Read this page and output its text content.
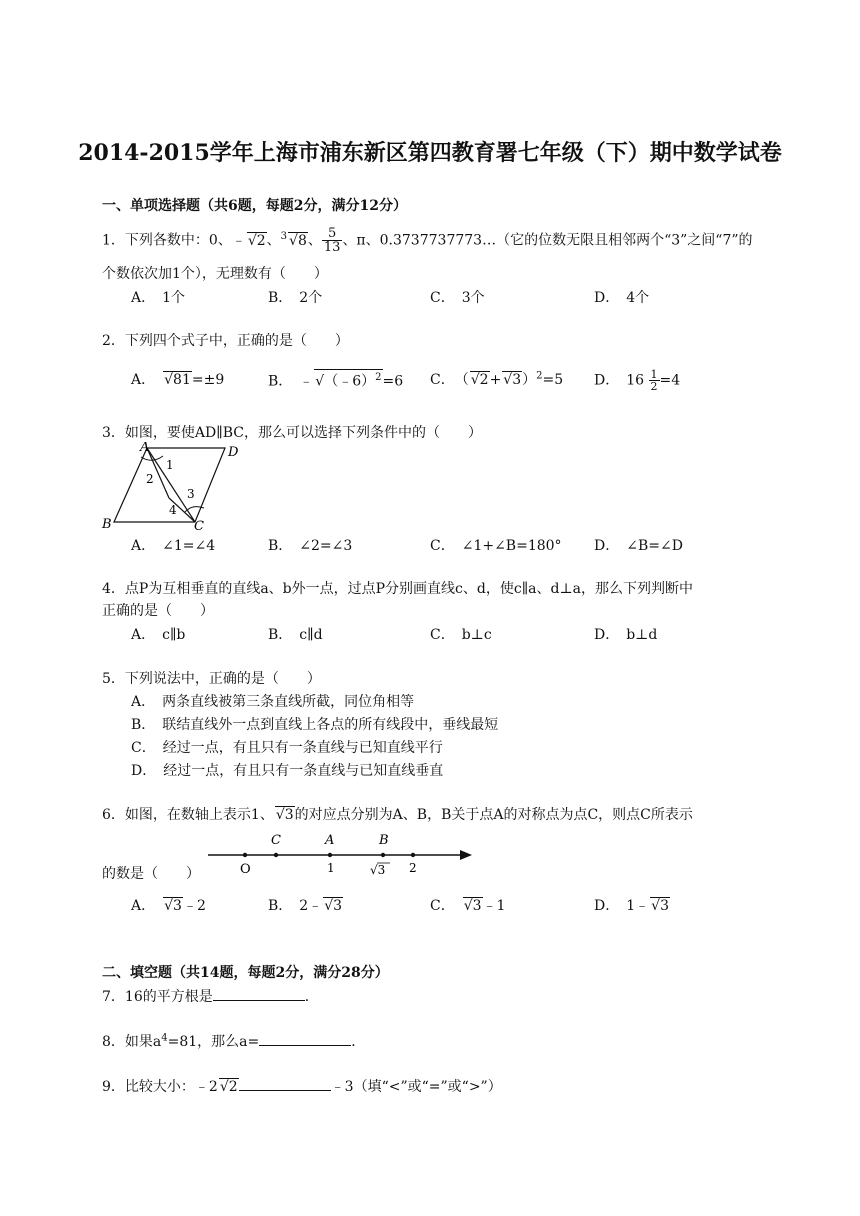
2014-2015学年上海市浦东新区第四教育署七年级（下）期中数学试卷
一、单项选择题（共6题，每题2分，满分12分）
1．下列各数中：0、﹣ √2、$^3$ √8、 $\frac{5}{13}$ 、π、0.3737737773…（它的位数无限且相邻两个“3”之间“7”的
个数依次加1个），无理数有（　　）
A．　1个	B．　2个	C．　3个	D．　4个
2．下列四个式子中，正确的是（　　）
A．　 √81=±9	B．　﹣ √（﹣6）$^2$=6 C．　（ √2+ √3）$^2$=5 D．　$16 \frac{1}{2} =4$
3．如图，要使AD∥BC，那么可以选择下列条件中的（　　）
A	D
B	C
1
2
3
4
A．　∠1=∠4	B．　∠2=∠3	C．　∠1+∠B=180° D．　∠B=∠D
4．点P为互相垂直的直线a、b外一点，过点P分别画直线c、d，使c∥a、d⊥a，那么下列判断中
正确的是（　　）
A．　c∥b	B．　c∥d	C．　b⊥c	D．　b⊥d
5．下列说法中，正确的是（　　）
A．　两条直线被第三条直线所截，同位角相等
B．　联结直线外一点到直线上各点的所有线段中，垂线最短
C．　经过一点，有且只有一条直线与已知直线平行
D．　经过一点，有且只有一条直线与已知直线垂直
6．如图，在数轴上表示1、 √3的对应点分别为A、B，B关于点A的对称点为点C，则点C所表示
O
C	A
1
B
√3 2
的数是（　　）
A．　 √3﹣2	B．　2﹣ √3	C．　 √3﹣1	D．　1﹣ √3
二、填空题（共14题，每题2分，满分28分）
7．16的平方根是	．
8．如果$a^4=81$，那么a=	．
9．比较大小：﹣2 √2	﹣3（填“<”或“=”或“>”）
